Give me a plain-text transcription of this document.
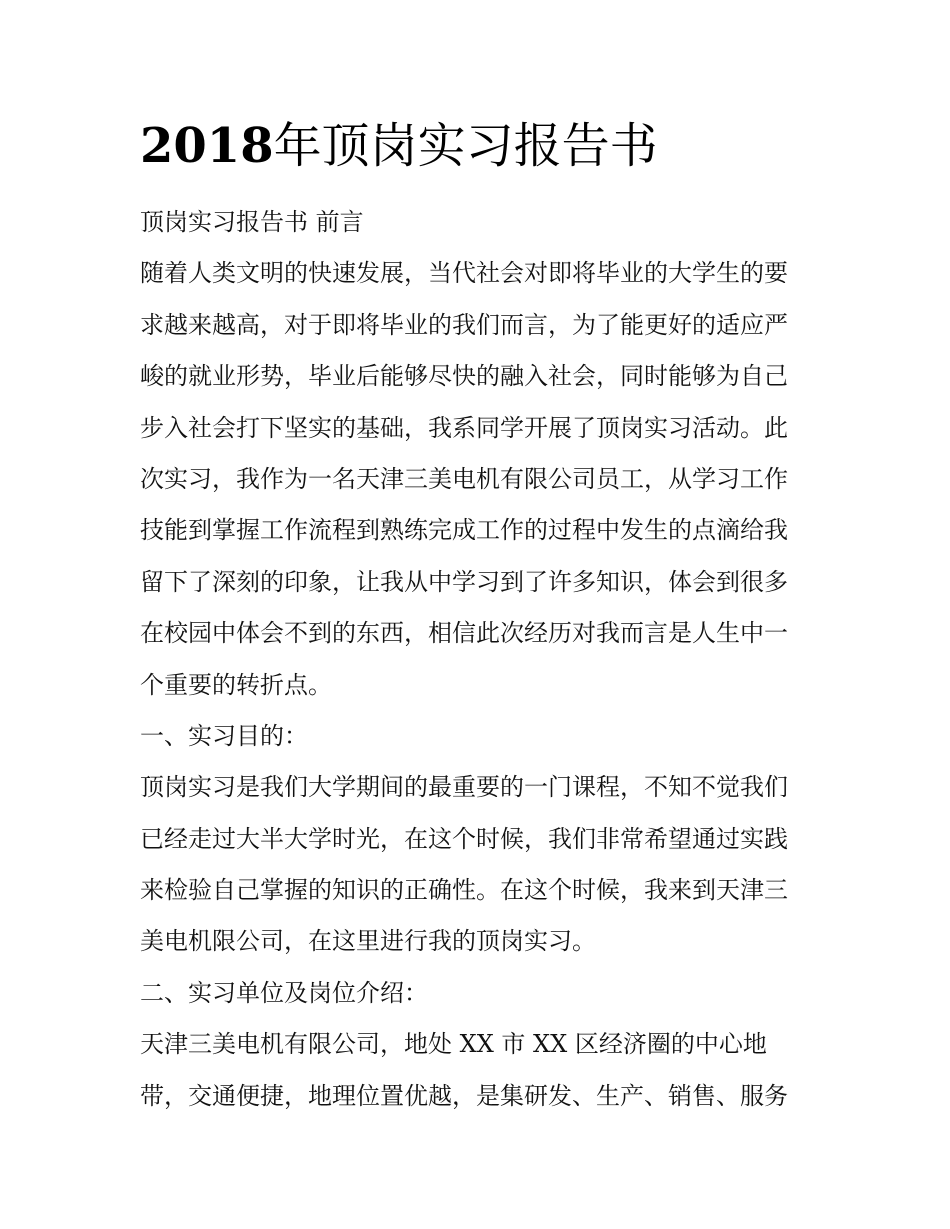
2018年顶岗实习报告书
顶岗实习报告书 前言
随着人类文明的快速发展，当代社会对即将毕业的大学生的要
求越来越高，对于即将毕业的我们而言，为了能更好的适应严
峻的就业形势，毕业后能够尽快的融入社会，同时能够为自己
步入社会打下坚实的基础，我系同学开展了顶岗实习活动。此
次实习，我作为一名天津三美电机有限公司员工，从学习工作
技能到掌握工作流程到熟练完成工作的过程中发生的点滴给我
留下了深刻的印象，让我从中学习到了许多知识，体会到很多
在校园中体会不到的东西，相信此次经历对我而言是人生中一
个重要的转折点。
一、实习目的：
顶岗实习是我们大学期间的最重要的一门课程，不知不觉我们
已经走过大半大学时光，在这个时候，我们非常希望通过实践
来检验自己掌握的知识的正确性。在这个时候，我来到天津三
美电机限公司，在这里进行我的顶岗实习。
二、实习单位及岗位介绍：
天津三美电机有限公司，地处 XX 市 XX 区经济圈的中心地
带，交通便捷，地理位置优越，是集研发、生产、销售、服务
